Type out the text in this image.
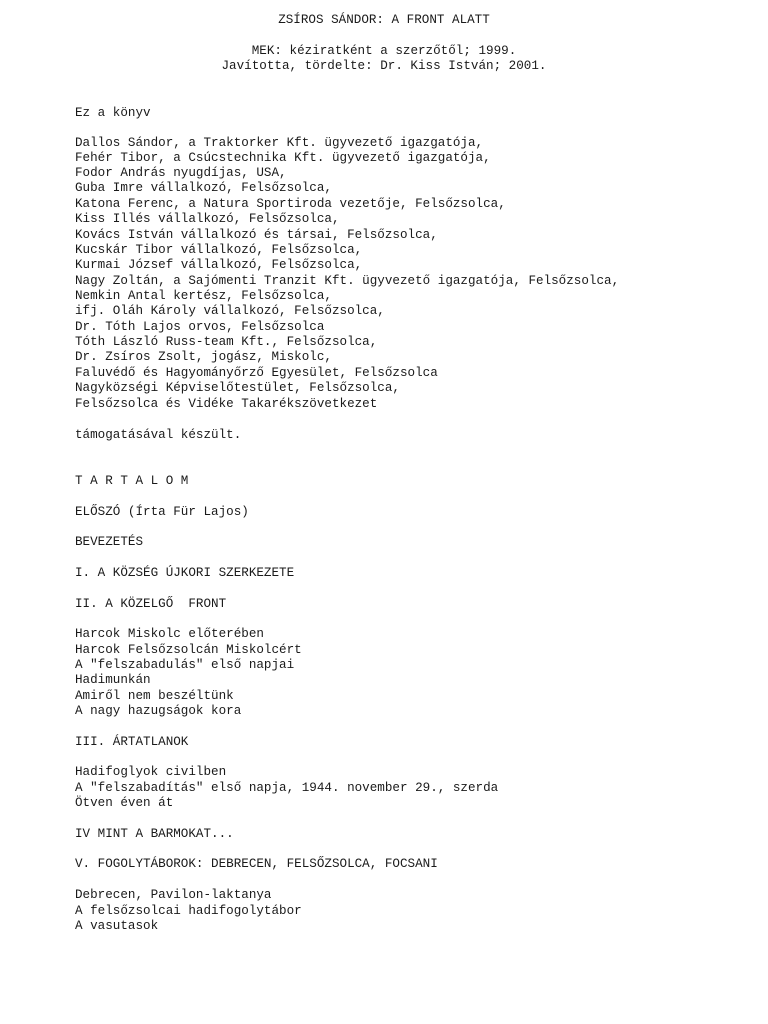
ZSÍROS SÁNDOR: A FRONT ALATT
MEK: kéziratként a szerzőtől; 1999.
Javította, tördelte: Dr. Kiss István; 2001.
Ez a könyv
Dallos Sándor, a Traktorker Kft. ügyvezető igazgatója,
Fehér Tibor, a Csúcstechnika Kft. ügyvezető igazgatója,
Fodor András nyugdíjas, USA,
Guba Imre vállalkozó, Felsőzsolca,
Katona Ferenc, a Natura Sportiroda vezetője, Felsőzsolca,
Kiss Illés vállalkozó, Felsőzsolca,
Kovács István vállalkozó és társai, Felsőzsolca,
Kucskár Tibor vállalkozó, Felsőzsolca,
Kurmai József vállalkozó, Felsőzsolca,
Nagy Zoltán, a Sajómenti Tranzit Kft. ügyvezető igazgatója, Felsőzsolca,
Nemkin Antal kertész, Felsőzsolca,
ifj. Oláh Károly vállalkozó, Felsőzsolca,
Dr. Tóth Lajos orvos, Felsőzsolca
Tóth László Russ-team Kft., Felsőzsolca,
Dr. Zsíros Zsolt, jogász, Miskolc,
Faluvédő és Hagyományőrző Egyesület, Felsőzsolca
Nagyközségi Képviselőtestület, Felsőzsolca,
Felsőzsolca és Vidéke Takarékszövetkezet
támogatásával készült.
T A R T A L O M
ELŐSZÓ (Írta Für Lajos)
BEVEZETÉS
I. A KÖZSÉG ÚJKORI SZERKEZETE
II. A KÖZELGŐ  FRONT
Harcok Miskolc előterében
Harcok Felsőzsolcán Miskolcért
A "felszabadulás" első napjai
Hadimunkán
Amiről nem beszéltünk
A nagy hazugságok kora
III. ÁRTATLANOK
Hadifoglyok civilben
A "felszabadítás" első napja, 1944. november 29., szerda
Ötven éven át
IV MINT A BARMOKAT...
V. FOGOLYTÁBOROK: DEBRECEN, FELSŐZSOLCA, FOCSANI
Debrecen, Pavilon-laktanya
A felsőzsolcai hadifogolytábor
A vasutasok
